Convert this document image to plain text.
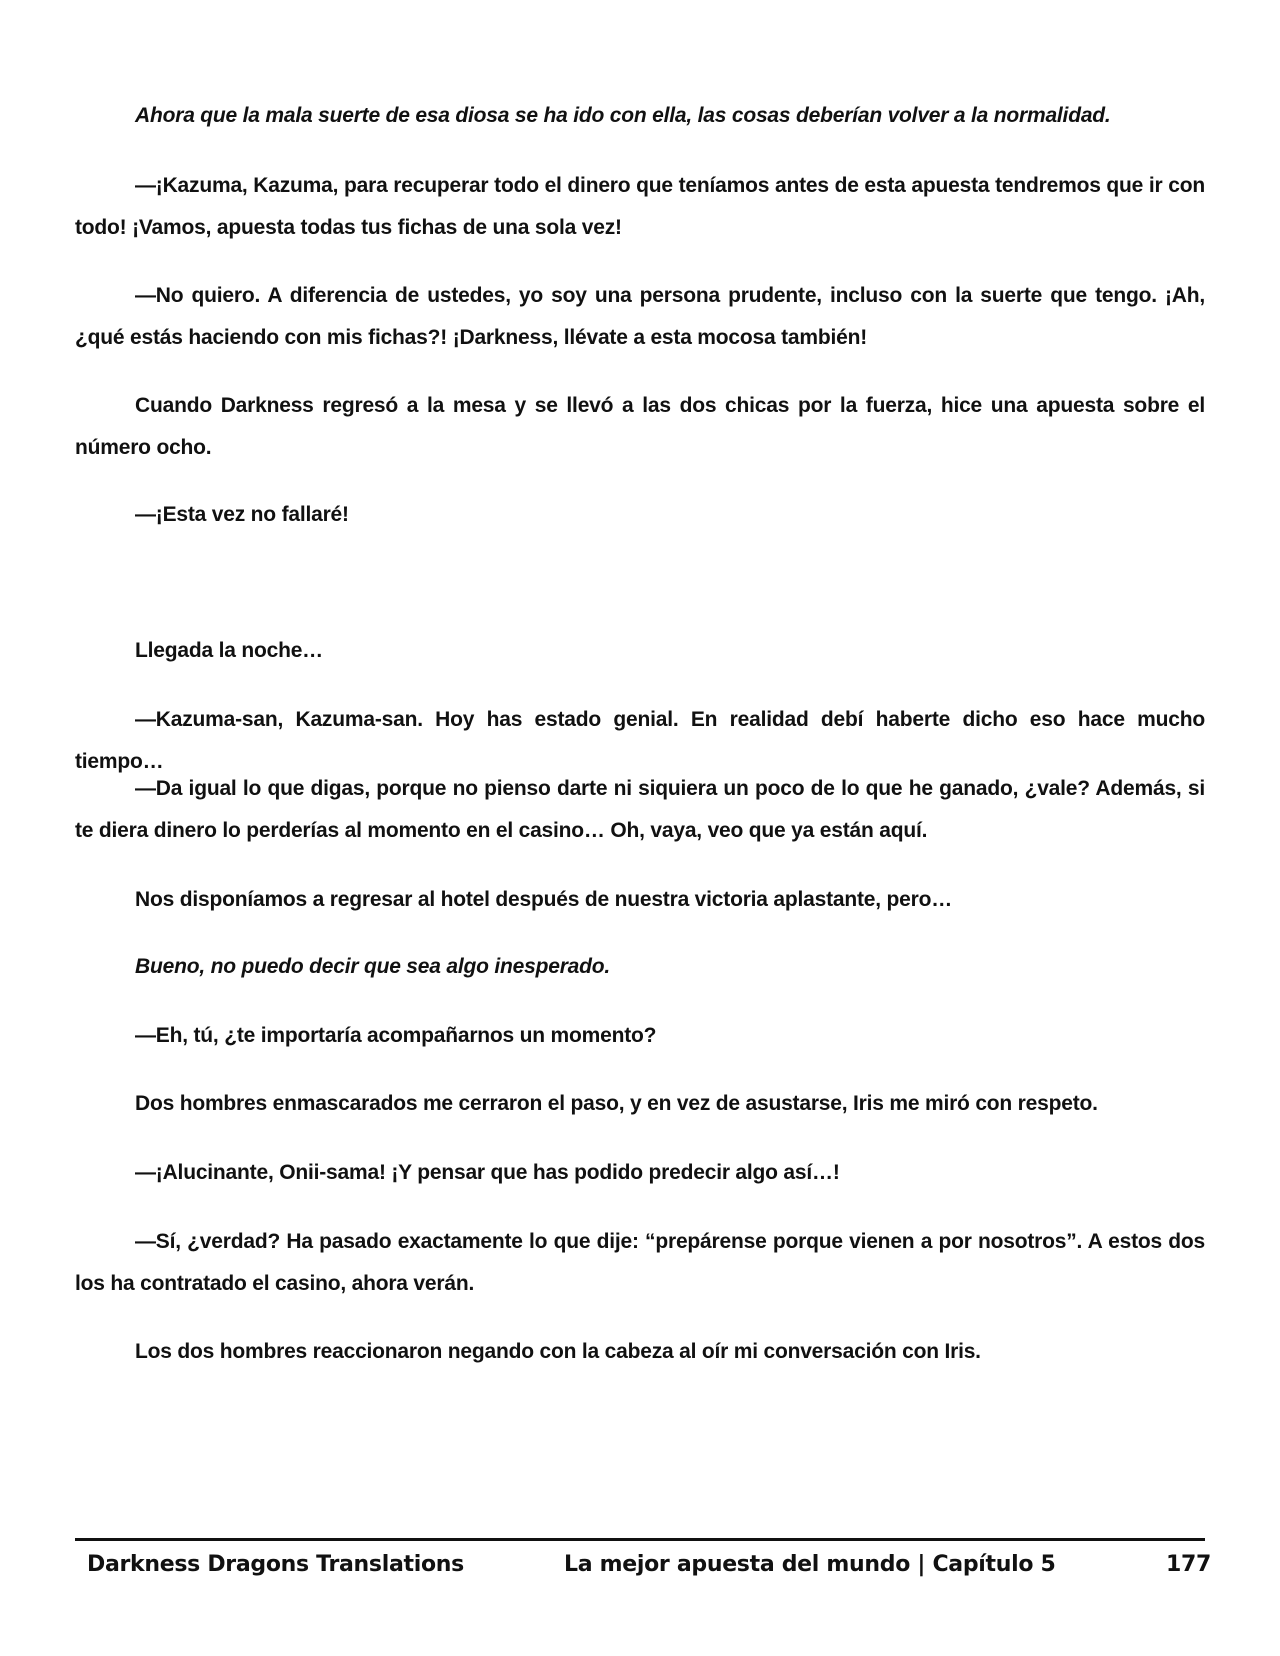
Ahora que la mala suerte de esa diosa se ha ido con ella, las cosas deberían volver a la normalidad.

—¡Kazuma, Kazuma, para recuperar todo el dinero que teníamos antes de esta apuesta tendremos que ir con todo! ¡Vamos, apuesta todas tus fichas de una sola vez!

—No quiero. A diferencia de ustedes, yo soy una persona prudente, incluso con la suerte que tengo. ¡Ah, ¿qué estás haciendo con mis fichas?! ¡Darkness, llévate a esta mocosa también!

Cuando Darkness regresó a la mesa y se llevó a las dos chicas por la fuerza, hice una apuesta sobre el número ocho.

—¡Esta vez no fallaré!

Llegada la noche…

—Kazuma-san, Kazuma-san. Hoy has estado genial. En realidad debí haberte dicho eso hace mucho tiempo…

—Da igual lo que digas, porque no pienso darte ni siquiera un poco de lo que he ganado, ¿vale? Además, si te diera dinero lo perderías al momento en el casino… Oh, vaya, veo que ya están aquí.

Nos disponíamos a regresar al hotel después de nuestra victoria aplastante, pero…

Bueno, no puedo decir que sea algo inesperado.

—Eh, tú, ¿te importaría acompañarnos un momento?

Dos hombres enmascarados me cerraron el paso, y en vez de asustarse, Iris me miró con respeto.

—¡Alucinante, Onii-sama! ¡Y pensar que has podido predecir algo así…!

—Sí, ¿verdad? Ha pasado exactamente lo que dije: “prepárense porque vienen a por nosotros”. A estos dos los ha contratado el casino, ahora verán.

Los dos hombres reaccionaron negando con la cabeza al oír mi conversación con Iris.

Darkness Dragons Translations	La mejor apuesta del mundo | Capítulo 5	177
